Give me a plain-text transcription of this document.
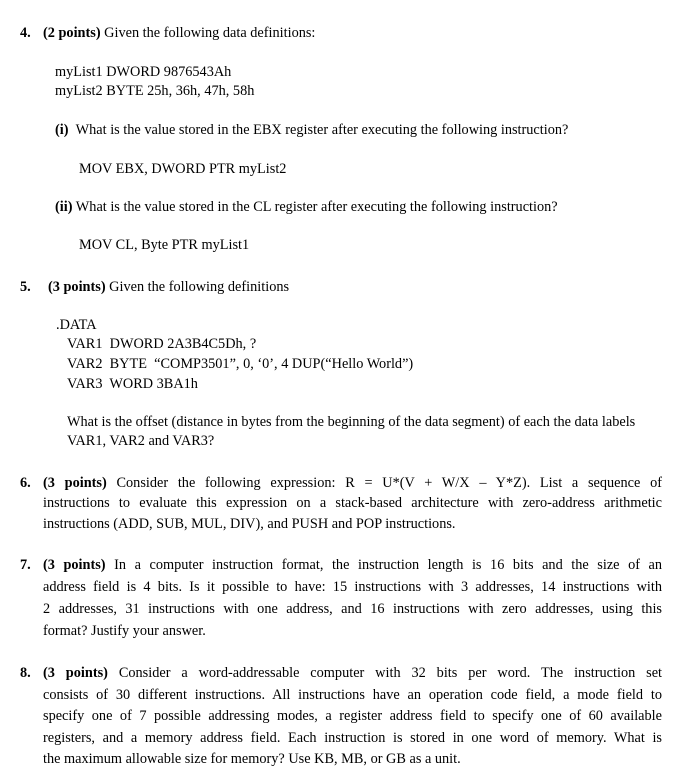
4. (2 points) Given the following data definitions:
myList1 DWORD 9876543Ah
myList2 BYTE 25h, 36h, 47h, 58h
(i) What is the value stored in the EBX register after executing the following instruction?
MOV EBX, DWORD PTR myList2
(ii) What is the value stored in the CL register after executing the following instruction?
MOV CL, Byte PTR myList1
5. (3 points) Given the following definitions
.DATA
VAR1  DWORD 2A3B4C5Dh, ?
VAR2  BYTE  “COMP3501”, 0, ‘0’, 4 DUP(“Hello World”)
VAR3  WORD 3BA1h
What is the offset (distance in bytes from the beginning of the data segment) of each the data labels
VAR1, VAR2 and VAR3?
6. (3 points) Consider the following expression: R = U*(V + W/X – Y*Z). List a sequence of
instructions to evaluate this expression on a stack-based architecture with zero-address arithmetic
instructions (ADD, SUB, MUL, DIV), and PUSH and POP instructions.
7. (3 points) In a computer instruction format, the instruction length is 16 bits and the size of an
address field is 4 bits. Is it possible to have: 15 instructions with 3 addresses, 14 instructions with
2 addresses, 31 instructions with one address, and 16 instructions with zero addresses, using this
format? Justify your answer.
8. (3 points) Consider a word-addressable computer with 32 bits per word. The instruction set
consists of 30 different instructions. All instructions have an operation code field, a mode field to
specify one of 7 possible addressing modes, a register address field to specify one of 60 available
registers, and a memory address field. Each instruction is stored in one word of memory. What is
the maximum allowable size for memory? Use KB, MB, or GB as a unit.
